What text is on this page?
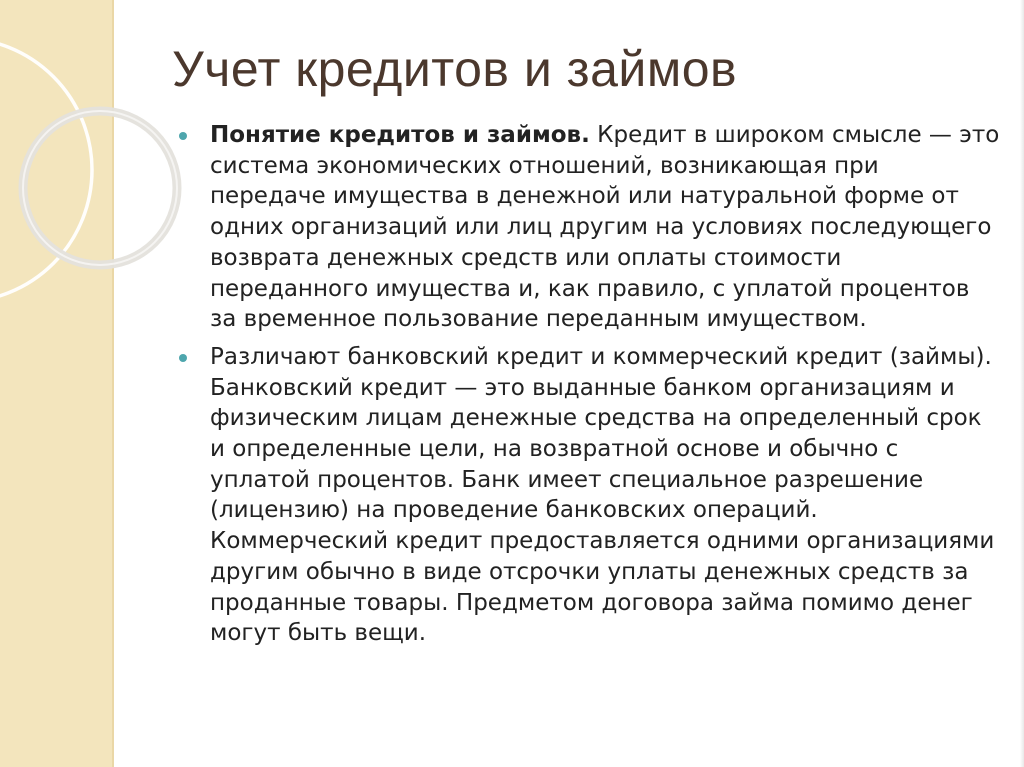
Учет кредитов и займов

Понятие кредитов и займов. Кредит в широком смысле — это система экономических отношений, возникающая при передаче имущества в денежной или натуральной форме от одних организаций или лиц другим на условиях последующего возврата денежных средств или оплаты стоимости переданного имущества и, как правило, с уплатой процентов за временное пользование переданным имуществом.

Различают банковский кредит и коммерческий кредит (займы). Банковский кредит — это выданные банком организациям и физическим лицам денежные средства на определенный срок и определенные цели, на возвратной основе и обычно с уплатой процентов. Банк имеет специальное разрешение (лицензию) на проведение банковских операций. Коммерческий кредит предоставляется одними организациями другим обычно в виде отсрочки уплаты денежных средств за проданные товары. Предметом договора займа помимо денег могут быть вещи.
